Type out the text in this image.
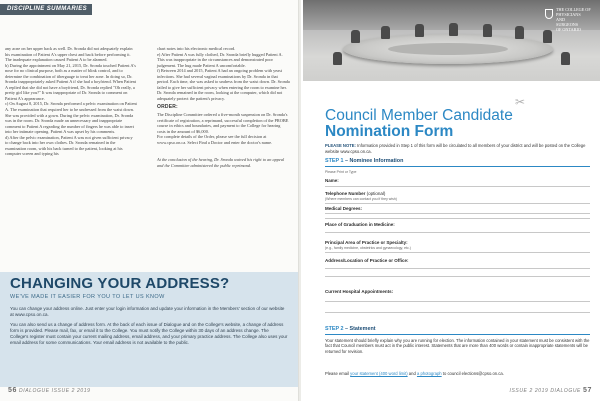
DISCIPLINE SUMMARIES

any acne on her upper back as well. Dr. Sronda did not adequately explain his examination of Patient A's upper chest and back before performing it. The inadequate explanation caused Patient A to be alarmed.

b) During the appointment on May 21, 2015, Dr. Sronda touched Patient A's nose for no clinical purpose, both as a matter of blink control, and to determine the combination of tiberguage to treat her acne. In doing so, Dr. Sronda inappropriately asked Patient A if she had a boyfriend. When Patient A replied that she did not have a boyfriend, Dr. Sronda replied "Oh really, a pretty girl like you?" It was inappropriate of Dr. Sronda to comment on Patient A's appearance.

c) On August 8, 2015, Dr. Sronda performed a pelvic examination on Patient A. The examination that required her to be undressed from the waist down. She was provided with a gown. During the pelvic examination, Dr. Sronda was in the room. Dr. Sronda made an unnecessary and inappropriate comment to Patient A regarding the number of fingers he was able to insert into her intimate opening. Patient A was upset by his comments.

d) After the pelvic examination, Patient A was not given sufficient privacy to change back into her own clothes. Dr. Sronda remained in the examination room, with his back turned to the patient, looking at his computer screen and typing his

chart notes into his electronic medical record.

e) After Patient A was fully clothed, Dr. Sronda briefly hugged Patient A. This was inappropriate in the circumstances and demonstrated poor judgement. The hug made Patient A uncomfortable.

f) Between 2014 and 2015, Patient A had an ongoing problem with yeast infections. She had several vaginal examinations by Dr. Sronda in that period. Each time, she was asked to undress from the waist down. Dr. Sronda failed to give her sufficient privacy when entering the room to examine her. Dr. Sronda remained in the room, looking at the computer, which did not adequately protect the patient's privacy.

ORDER:

The Discipline Committee ordered a five-month suspension on Dr. Sronda's certificate of registration, a reprimand, successful completion of the PROBE course in ethics and boundaries, and payment to the College for hearing costs in the amount of $6,000.

For complete details of the Order, please see the full decision at www.cpso.on.ca. Select Find a Doctor and enter the doctor's name.

At the conclusion of the hearing, Dr. Sronda waived his right to an appeal and the Committee administered the public reprimand.

CHANGING YOUR ADDRESS?
WE'VE MADE IT EASIER FOR YOU TO LET US KNOW
You can change your address online. Just enter your login information and update your information in the Members' section of our website at www.cpso.on.ca.
You can also send us a change of address form. At the back of each issue of Dialogue and on the College's website, a change of address form is provided. Please mail, fax, or email it to the College. You must notify the College within 30 days of an address change. The College's register must contain your current mailing address, email address, and your primary practice address. The College also uses your email address for some communications. Your email address is not available to the public.
56 DIALOGUE ISSUE 2 2019
THE COLLEGE OF
PHYSICIANS
AND
SURGEONS
OF ONTARIO
✂
Council Member Candidate
Nomination Form
PLEASE NOTE: Information provided in Step 1 of this form will be circulated to all members of your district and will be posted on the College website www.cpso.on.ca.
STEP 1 – Nominee Information
Please Print or Type
Name:
Telephone Number (optional)
(Where members can contact you if they wish)
Medical Degrees:
Place of Graduation in Medicine:
Principal Area of Practice or Specialty:
(e.g., family medicine, obstetrics and gynaecology, etc.)
Address/Location of Practice or Office:
Current Hospital Appointments:
STEP 2 – Statement
Your statement should briefly explain why you are running for election. The information contained in your statement must be consistent with the fact that Council members must act in the public interest. Statements that are more than 400 words or contain inappropriate statements will be returned for revision.
Please email your statement (400 word limit) and a photograph to council elections@cpso.on.ca.
ISSUE 2 2019 DIALOGUE 57
